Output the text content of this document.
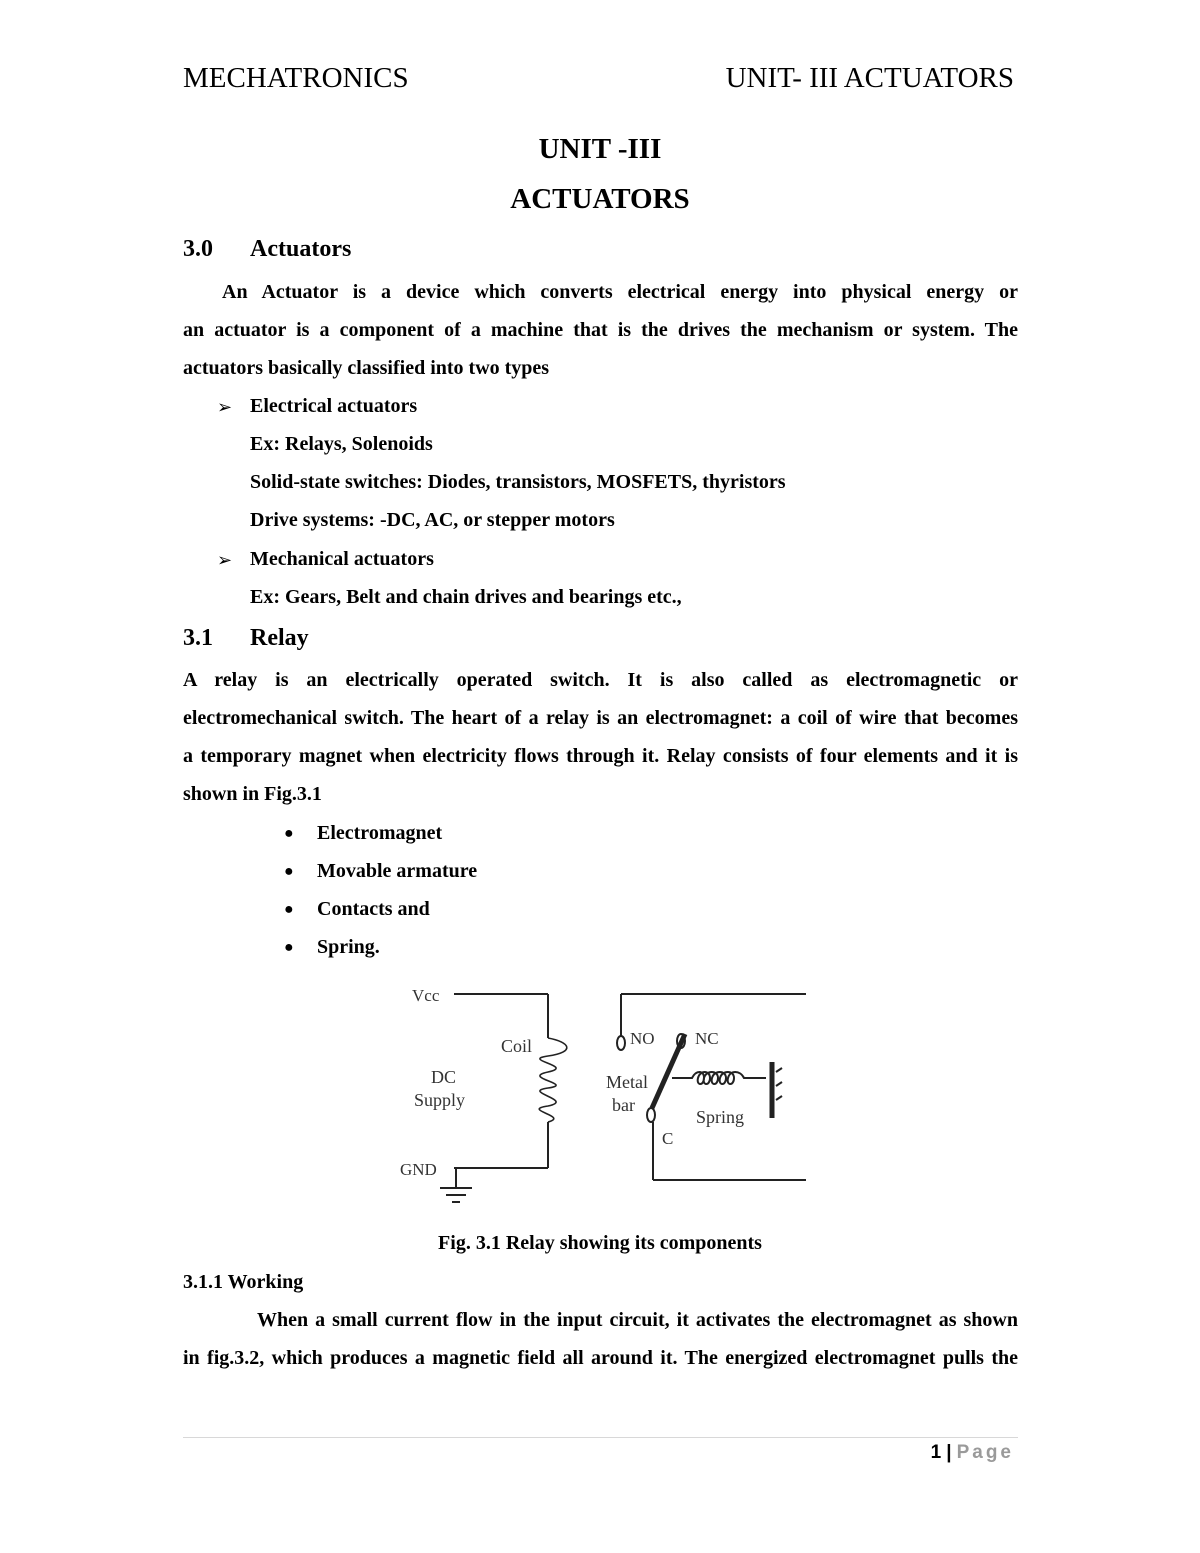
MECHATRONICS	UNIT- III ACTUATORS
UNIT -III
ACTUATORS
3.0 Actuators
An Actuator is a device which converts electrical energy into physical energy or
an actuator is a component of a machine that is the drives the mechanism or system. The
actuators basically classified into two types
➢ Electrical actuators
Ex: Relays, Solenoids
Solid-state switches: Diodes, transistors, MOSFETS, thyristors
Drive systems: -DC, AC, or stepper motors
➢ Mechanical actuators
Ex: Gears, Belt and chain drives and bearings etc.,
3.1 Relay
A relay is an electrically operated switch. It is also called as electromagnetic or
electromechanical switch. The heart of a relay is an electromagnet: a coil of wire that becomes
a temporary magnet when electricity flows through it. Relay consists of four elements and it is
shown in Fig.3.1
● Electromagnet
● Movable armature
● Contacts and
● Spring.
Vcc
Coil
DC
Supply
GND
NO NC
Metal
bar
C
Spring
Fig. 3.1 Relay showing its components
3.1.1 Working
When a small current flow in the input circuit, it activates the electromagnet as shown
in fig.3.2, which produces a magnetic field all around it. The energized electromagnet pulls the
1 | Page
